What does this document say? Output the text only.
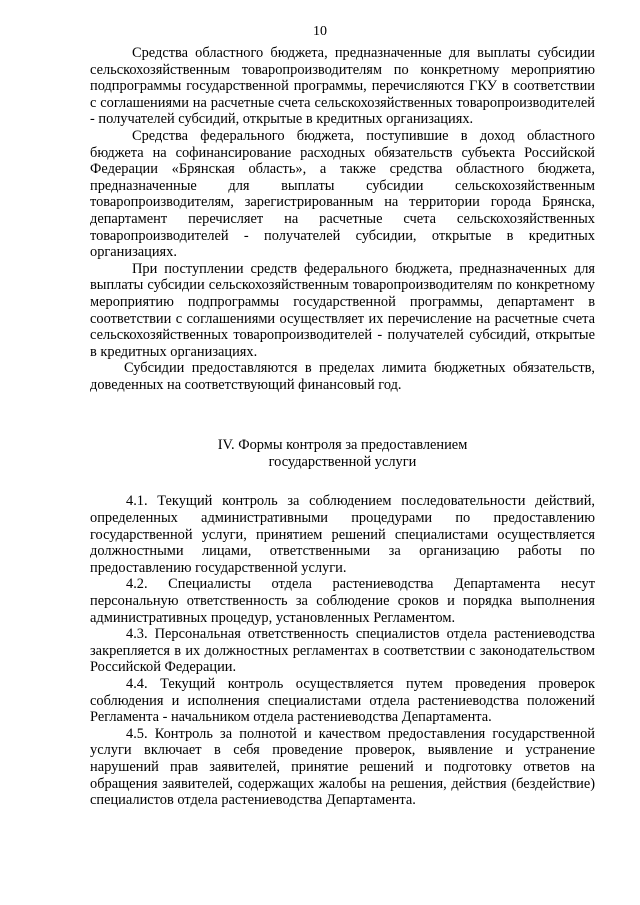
10

Средства областного бюджета, предназначенные для выплаты субсидии сельскохозяйственным товаропроизводителям по конкретному мероприятию подпрограммы государственной программы, перечисляются ГКУ в соответствии с соглашениями на расчетные счета сельскохозяйственных товаропроизводителей - получателей субсидий, открытые в кредитных организациях.

Средства федерального бюджета, поступившие в доход областного бюджета на софинансирование расходных обязательств субъекта Российской Федерации «Брянская область», а также средства областного бюджета, предназначенные для выплаты субсидии сельскохозяйственным товаропроизводителям, зарегистрированным на территории города Брянска, департамент перечисляет на расчетные счета сельскохозяйственных товаропроизводителей - получателей субсидии, открытые в кредитных организациях.

При поступлении средств федерального бюджета, предназначенных для выплаты субсидии сельскохозяйственным товаропроизводителям по конкретному мероприятию подпрограммы государственной программы, департамент в соответствии с соглашениями осуществляет их перечисление на расчетные счета сельскохозяйственных товаропроизводителей - получателей субсидий, открытые в кредитных организациях.

Субсидии предоставляются в пределах лимита бюджетных обязательств, доведенных на соответствующий финансовый год.

IV. Формы контроля за предоставлением
государственной услуги

4.1. Текущий контроль за соблюдением последовательности действий, определенных административными процедурами по предоставлению государственной услуги, принятием решений специалистами осуществляется должностными лицами, ответственными за организацию работы по предоставлению государственной услуги.

4.2. Специалисты отдела растениеводства Департамента несут персональную ответственность за соблюдение сроков и порядка выполнения административных процедур, установленных Регламентом.

4.3. Персональная ответственность специалистов отдела растениеводства закрепляется в их должностных регламентах в соответствии с законодательством Российской Федерации.

4.4. Текущий контроль осуществляется путем проведения проверок соблюдения и исполнения специалистами отдела растениеводства положений Регламента - начальником отдела растениеводства Департамента.

4.5. Контроль за полнотой и качеством предоставления государственной услуги включает в себя проведение проверок, выявление и устранение нарушений прав заявителей, принятие решений и подготовку ответов на обращения заявителей, содержащих жалобы на решения, действия (бездействие) специалистов отдела растениеводства Департамента.
